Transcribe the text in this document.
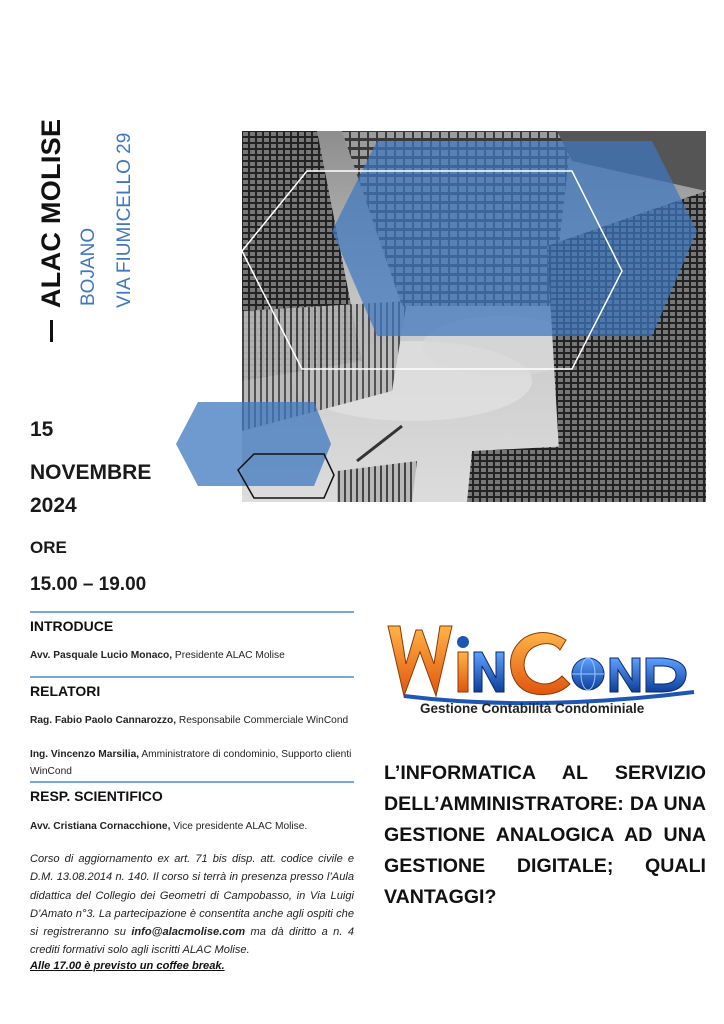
ALAC MOLISE BOJANO VIA FIUMICELLO 29
15
NOVEMBRE
2024
ORE
15.00 – 19.00
INTRODUCE
Avv. Pasquale Lucio Monaco, Presidente ALAC Molise
RELATORI
Rag. Fabio Paolo Cannarozzo, Responsabile Commerciale WinCond
Ing. Vincenzo Marsilia, Amministratore di condominio, Supporto clienti WinCond
RESP. SCIENTIFICO
Avv. Cristiana Cornacchione, Vice presidente ALAC Molise.
Corso di aggiornamento ex art. 71 bis disp. att. codice civile e D.M. 13.08.2014 n. 140. Il corso si terrà in presenza presso l’Aula didattica del Collegio dei Geometri di Campobasso, in Via Luigi D’Amato n°3. La partecipazione è consentita anche agli ospiti che si registreranno su info@alacmolise.com ma dà diritto a n. 4 crediti formativi solo agli iscritti ALAC Molise.
Alle 17.00 è previsto un coffee break.
Gestione Contabilità Condominiale
L’INFORMATICA AL SERVIZIO DELL’AMMINISTRATORE: DA UNA GESTIONE ANALOGICA AD UNA GESTIONE DIGITALE; QUALI VANTAGGI?
